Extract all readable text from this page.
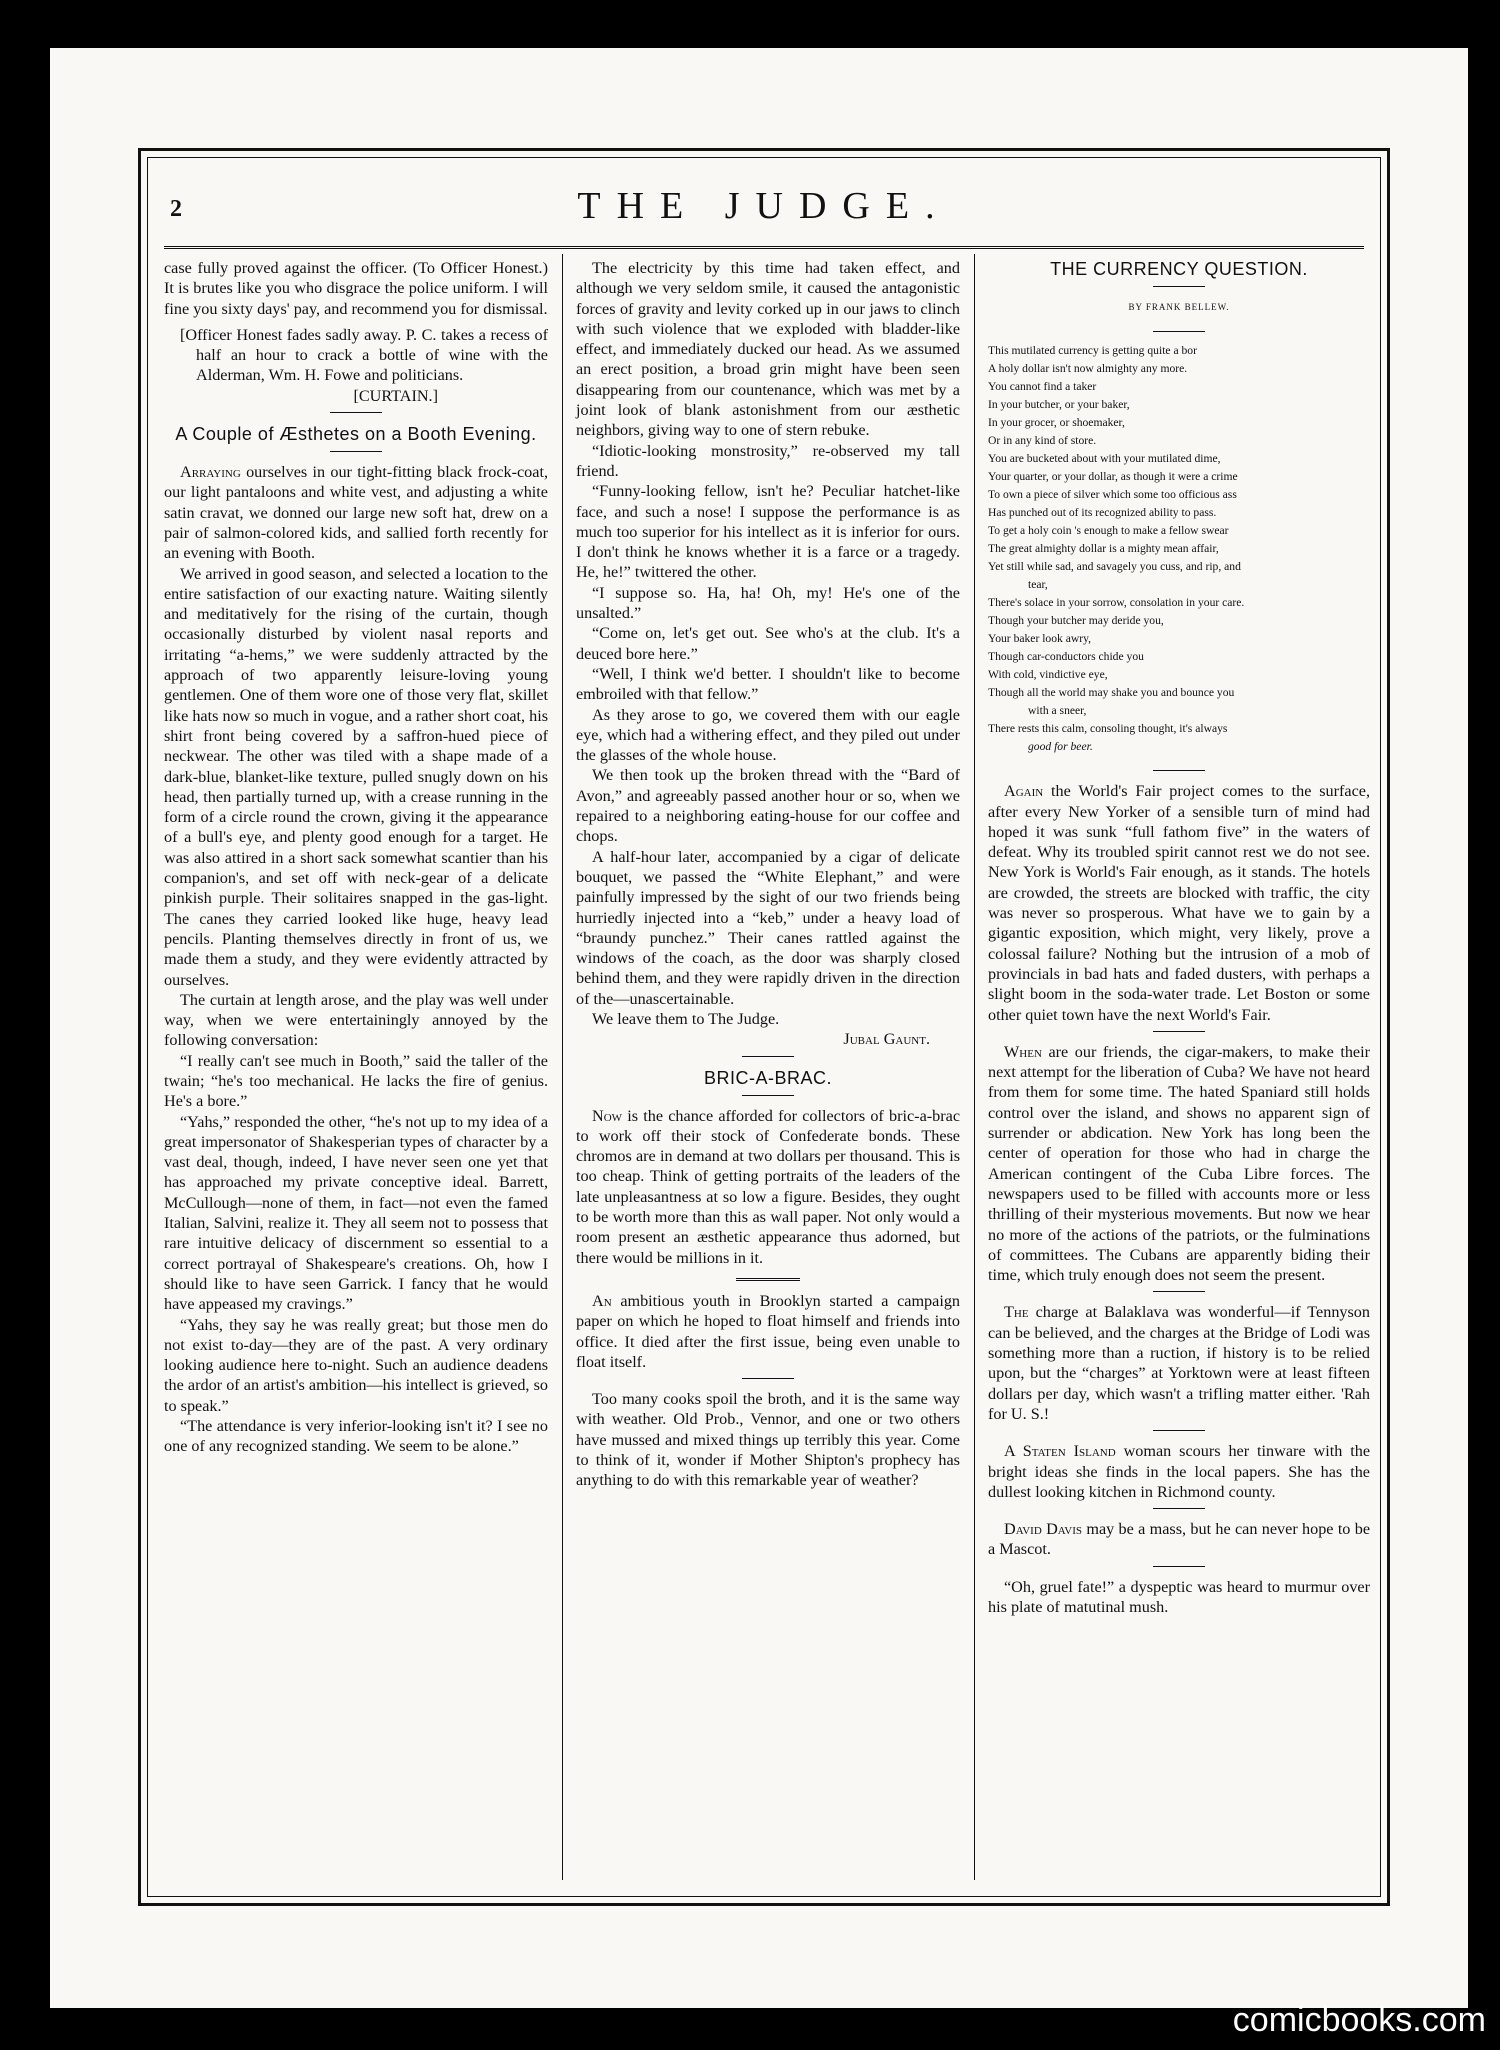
2	THE JUDGE.

case fully proved against the officer. (To Officer Honest.) It is brutes like you who disgrace the police uniform. I will fine you sixty days' pay, and recommend you for dismissal.

[Officer Honest fades sadly away. P. C. takes a recess of half an hour to crack a bottle of wine with the Alderman, Wm. H. Fowe and politicians.
[CURTAIN.]
A Couple of Æsthetes on a Booth Evening.

Arraying ourselves in our tight-fitting black frock-coat, our light pantaloons and white vest, and adjusting a white satin cravat, we donned our large new soft hat, drew on a pair of salmon-colored kids, and sallied forth recently for an evening with Booth.

We arrived in good season, and selected a location to the entire satisfaction of our exacting nature. Waiting silently and meditatively for the rising of the curtain, though occasionally disturbed by violent nasal reports and irritating “a-hems,” we were suddenly attracted by the approach of two apparently leisure-loving young gentlemen. One of them wore one of those very flat, skillet like hats now so much in vogue, and a rather short coat, his shirt front being covered by a saffron-hued piece of neckwear. The other was tiled with a shape made of a dark-blue, blanket-like texture, pulled snugly down on his head, then partially turned up, with a crease running in the form of a circle round the crown, giving it the appearance of a bull's eye, and plenty good enough for a target. He was also attired in a short sack somewhat scantier than his companion's, and set off with neck-gear of a delicate pinkish purple. Their solitaires snapped in the gas-light. The canes they carried looked like huge, heavy lead pencils. Planting themselves directly in front of us, we made them a study, and they were evidently attracted by ourselves.

The curtain at length arose, and the play was well under way, when we were entertainingly annoyed by the following conversation:

“I really can't see much in Booth,” said the taller of the twain; “he's too mechanical. He lacks the fire of genius. He's a bore.”

“Yahs,” responded the other, “he's not up to my idea of a great impersonator of Shakesperian types of character by a vast deal, though, indeed, I have never seen one yet that has approached my private conceptive ideal. Barrett, McCullough—none of them, in fact—not even the famed Italian, Salvini, realize it. They all seem not to possess that rare intuitive delicacy of discernment so essential to a correct portrayal of Shakespeare's creations. Oh, how I should like to have seen Garrick. I fancy that he would have appeased my cravings.”

“Yahs, they say he was really great; but those men do not exist to-day—they are of the past. A very ordinary looking audience here to-night. Such an audience deadens the ardor of an artist's ambition—his intellect is grieved, so to speak.”

“The attendance is very inferior-looking isn't it? I see no one of any recognized standing. We seem to be alone.”

The electricity by this time had taken effect, and although we very seldom smile, it caused the antagonistic forces of gravity and levity corked up in our jaws to clinch with such violence that we exploded with bladder-like effect, and immediately ducked our head. As we assumed an erect position, a broad grin might have been seen disappearing from our countenance, which was met by a joint look of blank astonishment from our æsthetic neighbors, giving way to one of stern rebuke.

“Idiotic-looking monstrosity,” re-observed my tall friend.

“Funny-looking fellow, isn't he? Peculiar hatchet-like face, and such a nose! I suppose the performance is as much too superior for his intellect as it is inferior for ours. I don't think he knows whether it is a farce or a tragedy. He, he!” twittered the other.

“I suppose so. Ha, ha! Oh, my! He's one of the unsalted.”

“Come on, let's get out. See who's at the club. It's a deuced bore here.”

“Well, I think we'd better. I shouldn't like to become embroiled with that fellow.”

As they arose to go, we covered them with our eagle eye, which had a withering effect, and they piled out under the glasses of the whole house.

We then took up the broken thread with the “Bard of Avon,” and agreeably passed another hour or so, when we repaired to a neighboring eating-house for our coffee and chops.

A half-hour later, accompanied by a cigar of delicate bouquet, we passed the “White Elephant,” and were painfully impressed by the sight of our two friends being hurriedly injected into a “keb,” under a heavy load of “braundy punchez.” Their canes rattled against the windows of the coach, as the door was sharply closed behind them, and they were rapidly driven in the direction of the—unascertainable.

We leave them to The Judge.

Jubal Gaunt.
BRIC-A-BRAC.

Now is the chance afforded for collectors of bric-a-brac to work off their stock of Confederate bonds. These chromos are in demand at two dollars per thousand. This is too cheap. Think of getting portraits of the leaders of the late unpleasantness at so low a figure. Besides, they ought to be worth more than this as wall paper. Not only would a room present an æsthetic appearance thus adorned, but there would be millions in it.

An ambitious youth in Brooklyn started a campaign paper on which he hoped to float himself and friends into office. It died after the first issue, being even unable to float itself.

Too many cooks spoil the broth, and it is the same way with weather. Old Prob., Vennor, and one or two others have mussed and mixed things up terribly this year. Come to think of it, wonder if Mother Shipton's prophecy has anything to do with this remarkable year of weather?

THE CURRENCY QUESTION.
BY FRANK BELLEW.
This mutilated currency is getting quite a bor
A holy dollar isn't now almighty any more.
You cannot find a taker
In your butcher, or your baker,
In your grocer, or shoemaker,
Or in any kind of store.
You are bucketed about with your mutilated dime,
Your quarter, or your dollar, as though it were a crime
To own a piece of silver which some too officious ass
Has punched out of its recognized ability to pass.
To get a holy coin 's enough to make a fellow swear
The great almighty dollar is a mighty mean affair,
Yet still while sad, and savagely you cuss, and rip, and
tear,
There's solace in your sorrow, consolation in your care.
Though your butcher may deride you,
Your baker look awry,
Though car-conductors chide you
With cold, vindictive eye,
Though all the world may shake you and bounce you
with a sneer,
There rests this calm, consoling thought, it's always
good for beer.

Again the World's Fair project comes to the surface, after every New Yorker of a sensible turn of mind had hoped it was sunk “full fathom five” in the waters of defeat. Why its troubled spirit cannot rest we do not see. New York is World's Fair enough, as it stands. The hotels are crowded, the streets are blocked with traffic, the city was never so prosperous. What have we to gain by a gigantic exposition, which might, very likely, prove a colossal failure? Nothing but the intrusion of a mob of provincials in bad hats and faded dusters, with perhaps a slight boom in the soda-water trade. Let Boston or some other quiet town have the next World's Fair.

When are our friends, the cigar-makers, to make their next attempt for the liberation of Cuba? We have not heard from them for some time. The hated Spaniard still holds control over the island, and shows no apparent sign of surrender or abdication. New York has long been the center of operation for those who had in charge the American contingent of the Cuba Libre forces. The newspapers used to be filled with accounts more or less thrilling of their mysterious movements. But now we hear no more of the actions of the patriots, or the fulminations of committees. The Cubans are apparently biding their time, which truly enough does not seem the present.

The charge at Balaklava was wonderful—if Tennyson can be believed, and the charges at the Bridge of Lodi was something more than a ruction, if history is to be relied upon, but the “charges” at Yorktown were at least fifteen dollars per day, which wasn't a trifling matter either. 'Rah for U. S.!

A Staten Island woman scours her tinware with the bright ideas she finds in the local papers. She has the dullest looking kitchen in Richmond county.

David Davis may be a mass, but he can never hope to be a Mascot.

“Oh, gruel fate!” a dyspeptic was heard to murmur over his plate of matutinal mush.

comicbooks.com
